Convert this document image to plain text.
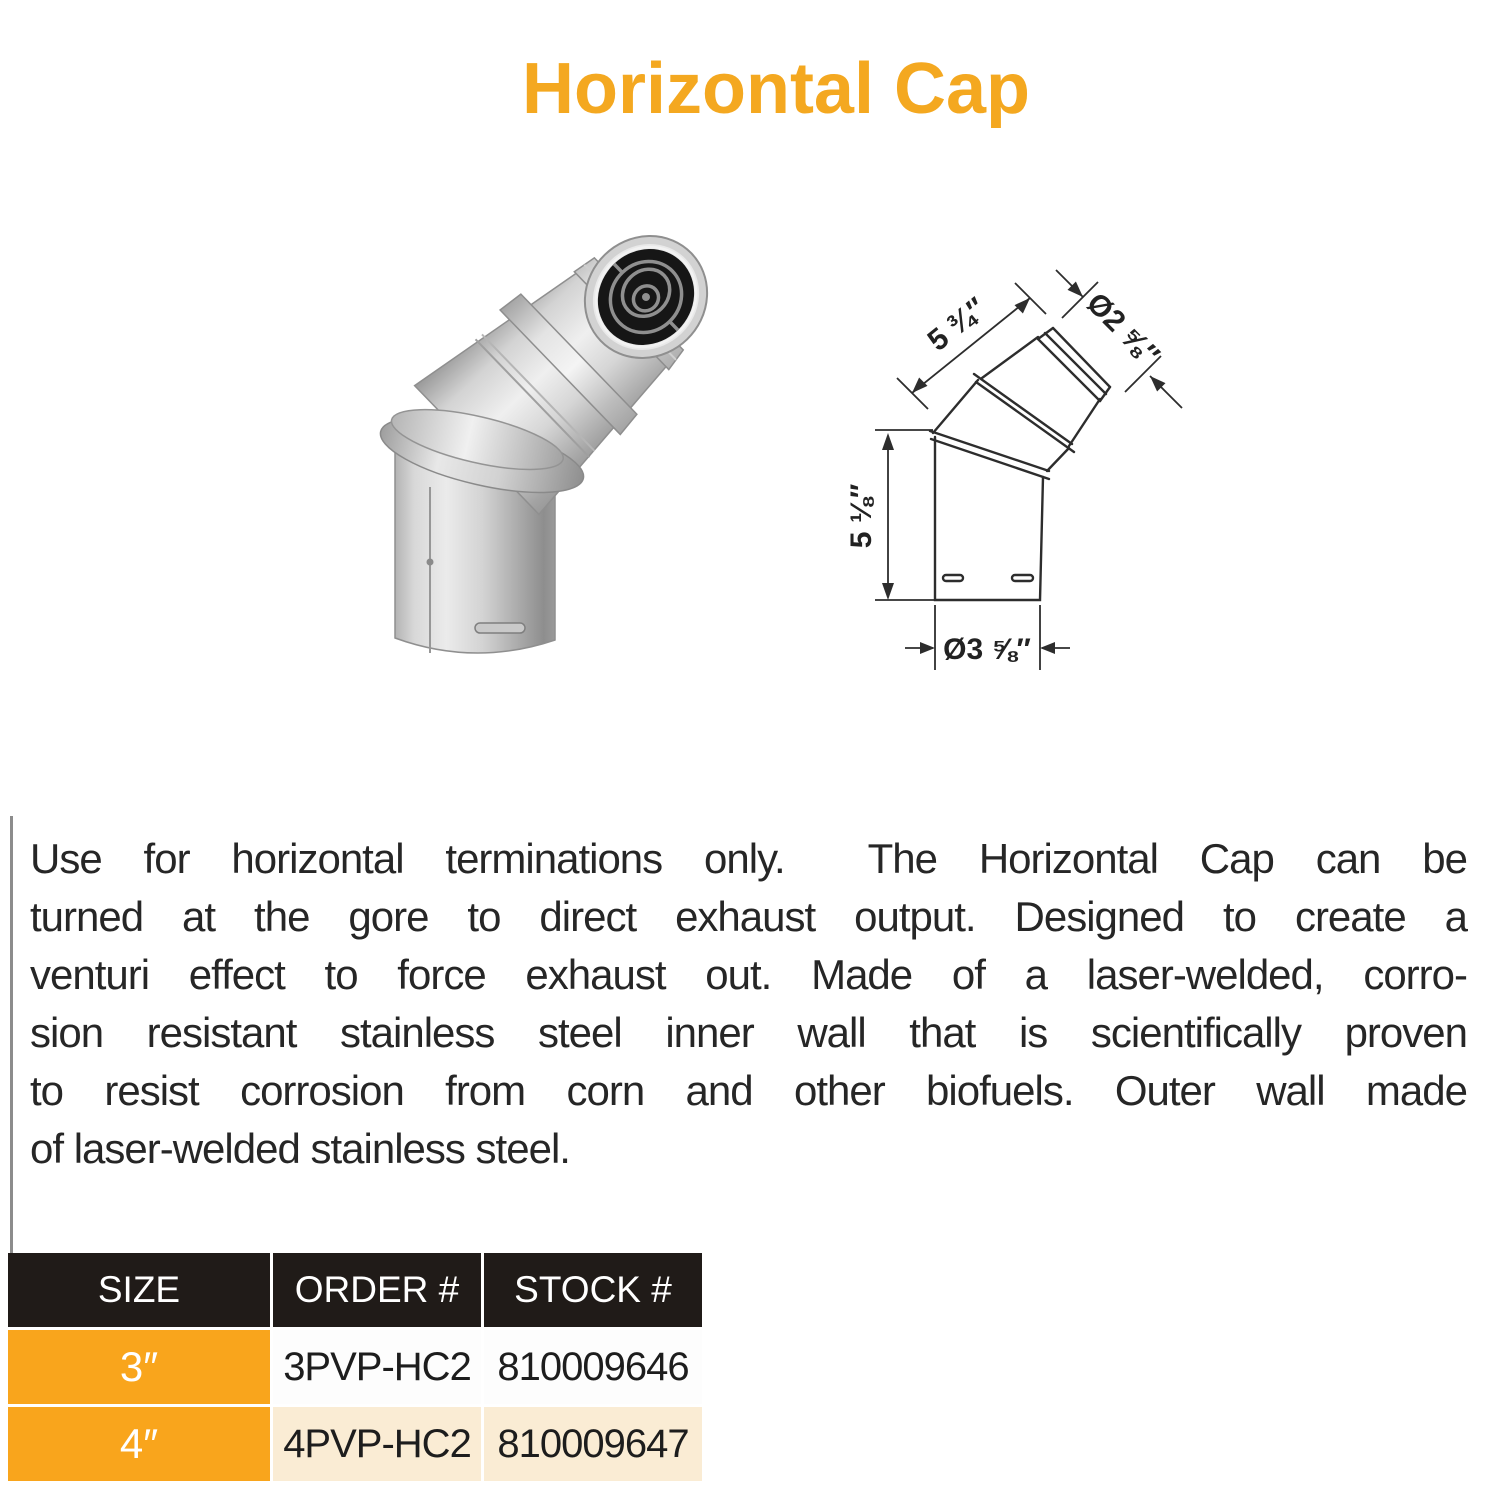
Horizontal Cap
5 ¾″	Ø2 ⅝″
5 ⅛″
Ø3 ⅝″
Use for horizontal terminations only.  The Horizontal Cap can be
turned at the gore to direct exhaust output. Designed to create a
venturi effect to force exhaust out. Made of a laser-welded, corro-
sion resistant stainless steel inner wall that is scientifically proven
to resist corrosion from corn and other biofuels. Outer wall made
of laser-welded stainless steel.
SIZE	ORDER #	STOCK #
3″	3PVP-HC2 810009646
4″	4PVP-HC2 810009647
